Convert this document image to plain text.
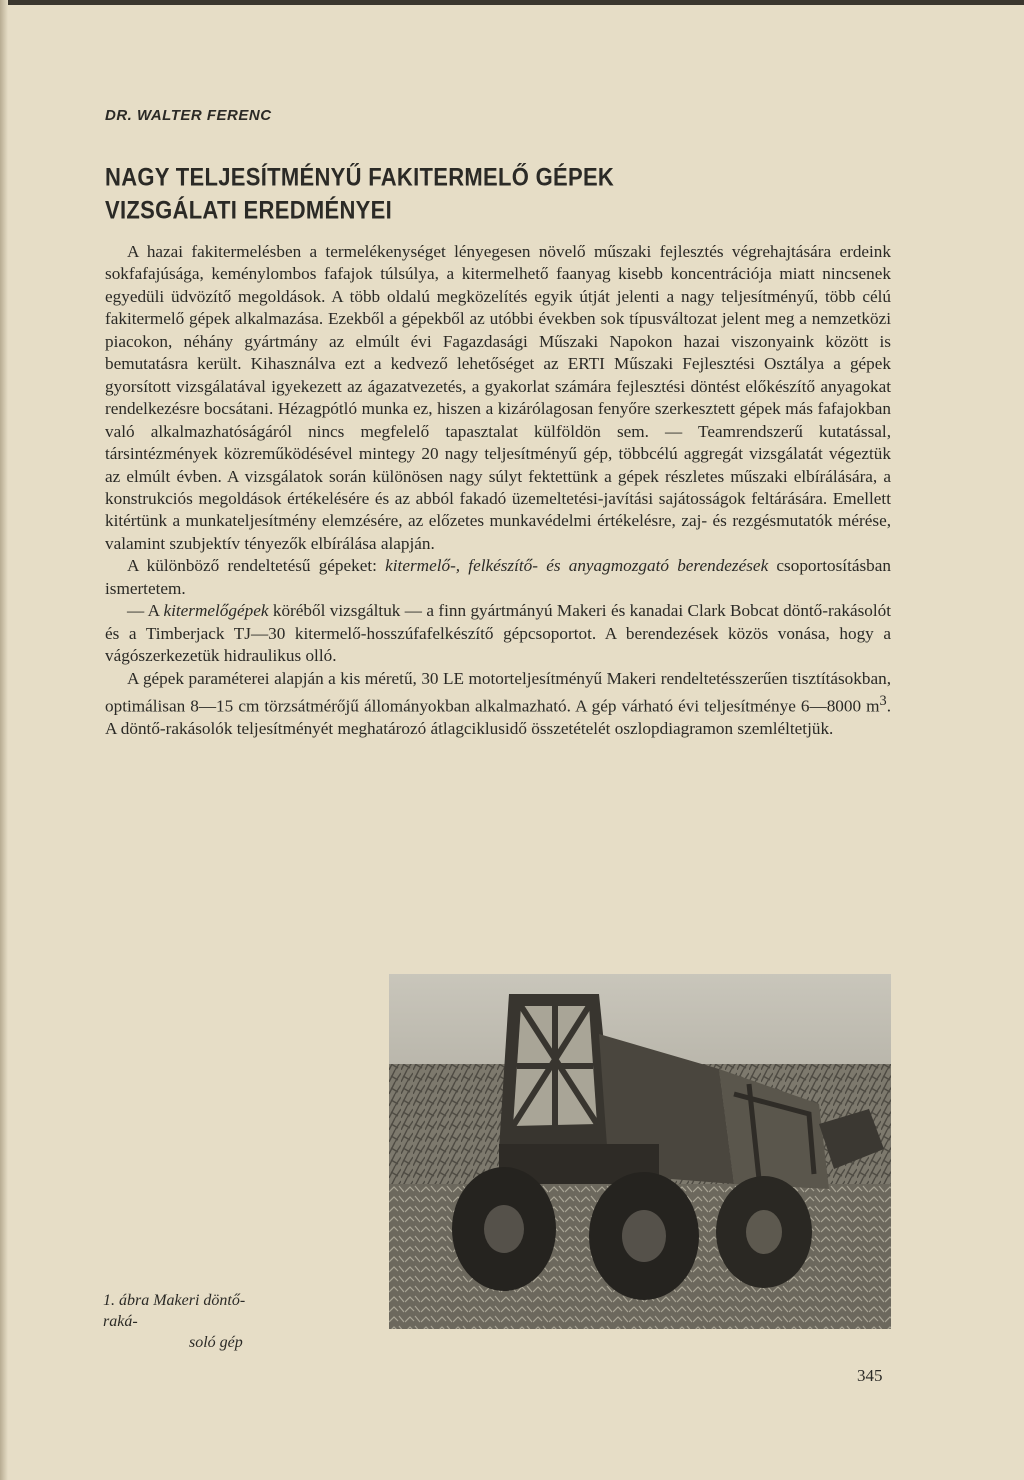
DR. WALTER FERENC
NAGY TELJESÍTMÉNYŰ FAKITERMELŐ GÉPEK
VIZSGÁLATI EREDMÉNYEI

A hazai fakitermelésben a termelékenységet lényegesen növelő műszaki fejlesztés végrehajtására erdeink sokfafajúsága, keménylombos fafajok túlsúlya, a kitermelhető faanyag kisebb koncentrációja miatt nincsenek egyedüli üdvözítő megoldások. A több oldalú megközelítés egyik útját jelenti a nagy teljesítményű, több célú fakitermelő gépek alkalmazása. Ezekből a gépekből az utóbbi években sok típusváltozat jelent meg a nemzetközi piacokon, néhány gyártmány az elmúlt évi Fagazdasági Műszaki Napokon hazai viszonyaink között is bemutatásra került. Kihasználva ezt a kedvező lehetőséget az ERTI Műszaki Fejlesztési Osztálya a gépek gyorsított vizsgálatával igyekezett az ágazatvezetés, a gyakorlat számára fejlesztési döntést előkészítő anyagokat rendelkezésre bocsátani. Hézagpótló munka ez, hiszen a kizárólagosan fenyőre szerkesztett gépek más fafajokban való alkalmazhatóságáról nincs megfelelő tapasztalat külföldön sem. — Teamrendszerű kutatással, társintézmények közreműködésével mintegy 20 nagy teljesítményű gép, többcélú aggregát vizsgálatát végeztük az elmúlt évben. A vizsgálatok során különösen nagy súlyt fektettünk a gépek részletes műszaki elbírálására, a konstrukciós megoldások értékelésére és az abból fakadó üzemeltetési-javítási sajátosságok feltárására. Emellett kitértünk a munkateljesítmény elemzésére, az előzetes munkavédelmi értékelésre, zaj- és rezgésmutatók mérése, valamint szubjektív tényezők elbírálása alapján.

A különböző rendeltetésű gépeket: kitermelő-, felkészítő- és anyagmozgató berendezések csoportosításban ismertetem.

— A kitermelőgépek köréből vizsgáltuk — a finn gyártmányú Makeri és kanadai Clark Bobcat döntő-rakásolót és a Timberjack TJ—30 kitermelő-hosszúfafelkészítő gépcsoportot. A berendezések közös vonása, hogy a vágószerkezetük hidraulikus olló.

A gépek paraméterei alapján a kis méretű, 30 LE motorteljesítményű Makeri rendeltetésszerűen tisztításokban, optimálisan 8—15 cm törzsátmérőjű állományokban alkalmazható. A gép várható évi teljesítménye 6—8000 $m^3$. A döntő-rakásolók teljesítményét meghatározó átlagciklusidő összetételét oszlopdiagramon szemléltetjük.

1. ábra Makeri döntő-raká-
soló gép
345
